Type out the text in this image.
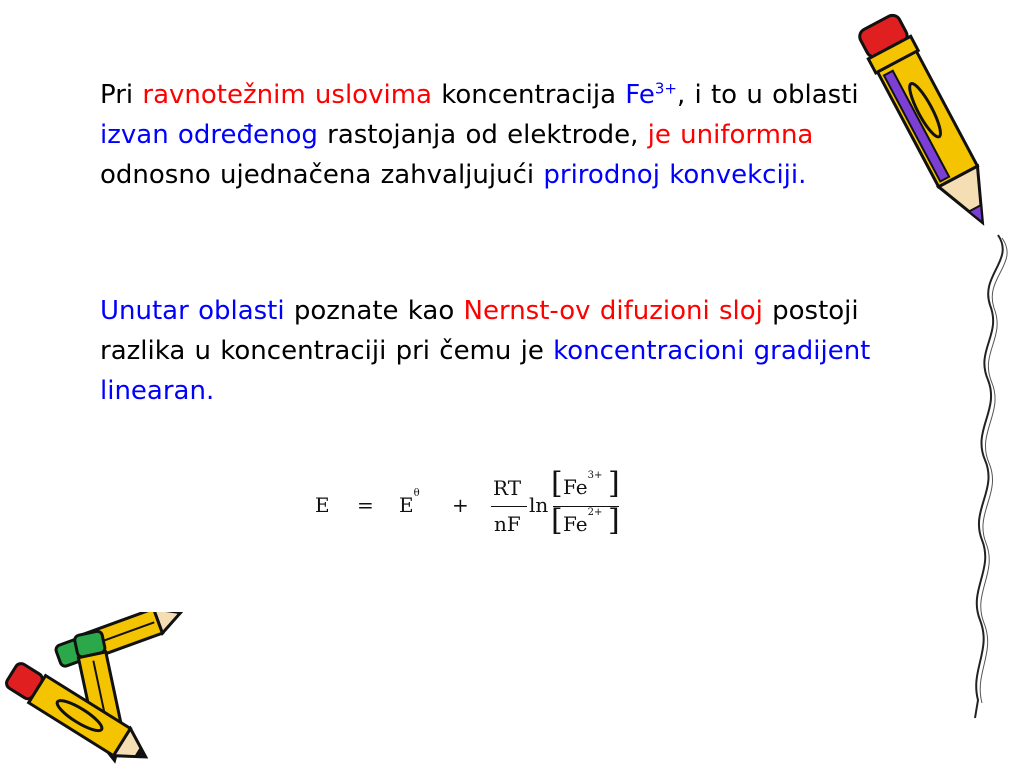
Pri ravnotežnim uslovima koncentracija $Fe^{3+}$, i to u oblasti izvan određenog rastojanja od elektrode, je uniformna odnosno ujednačena zahvaljujući prirodnoj konvekciji.
Unutar oblasti poznate kao Nernst-ov difuzioni sloj postoji razlika u koncentraciji pri čemu je koncentracioni gradijent linearan.
$E = E^\theta$ +
RT
nF
ln
[ $Fe^{3+}$ ]
[ $Fe^{2+}$ ]
